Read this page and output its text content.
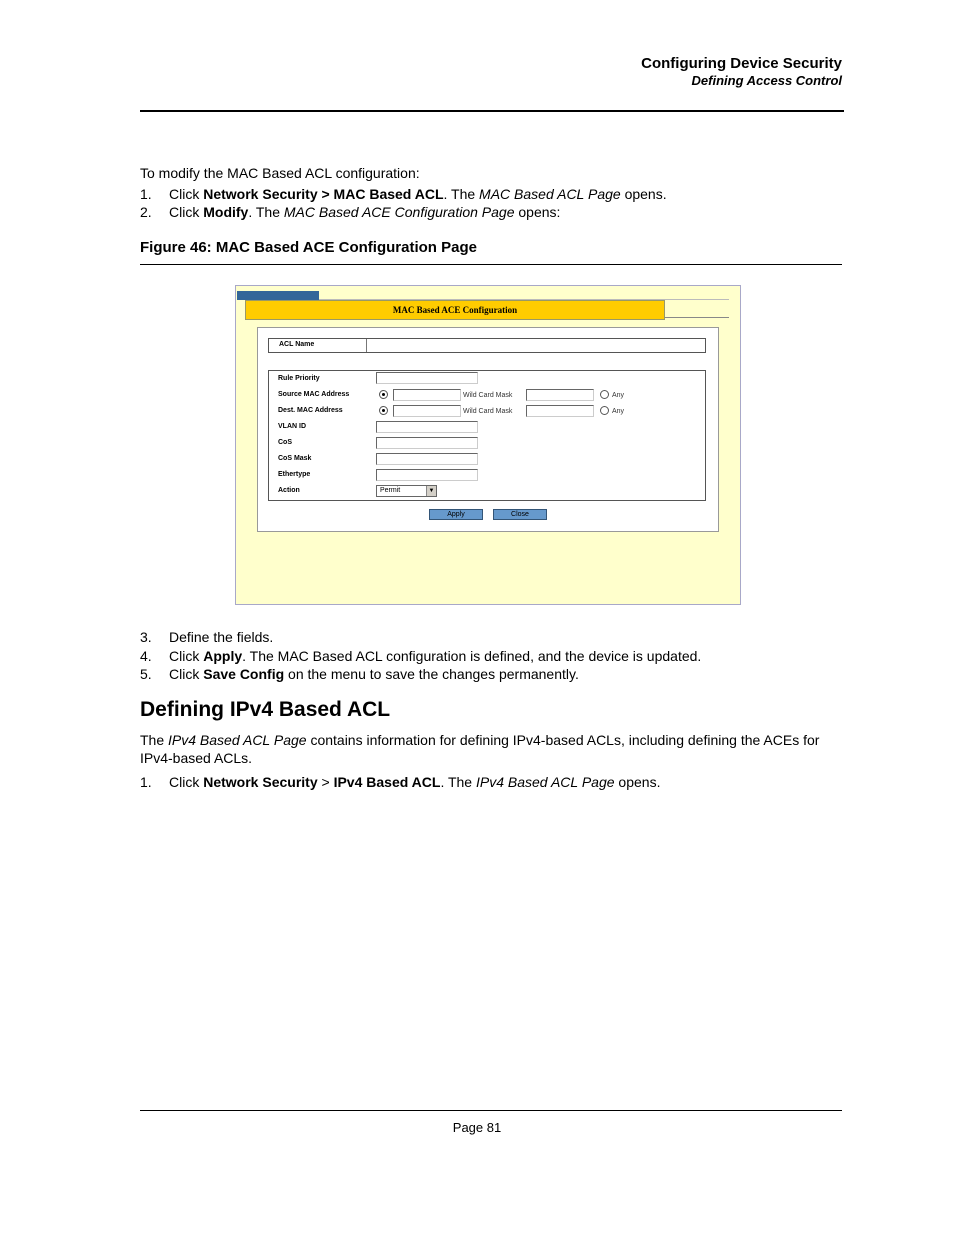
Configuring Device Security
Defining Access Control
To modify the MAC Based ACL configuration:
1. Click Network Security > MAC Based ACL. The MAC Based ACL Page opens.
2. Click Modify. The MAC Based ACE Configuration Page opens:
Figure 46: MAC Based ACE Configuration Page
MAC Based ACE Configuration
ACL Name
Rule Priority
Source MAC Address	Wild Card Mask	Any
Dest. MAC Address	Wild Card Mask	Any
VLAN ID
CoS
CoS Mask
Ethertype
Action	Permit	▼
Apply	Close
3. Define the fields.
4. Click Apply. The MAC Based ACL configuration is defined, and the device is updated.
5. Click Save Config on the menu to save the changes permanently.
Defining IPv4 Based ACL
The IPv4 Based ACL Page contains information for defining IPv4-based ACLs, including defining the ACEs for
IPv4-based ACLs.
1. Click Network Security > IPv4 Based ACL. The IPv4 Based ACL Page opens.
Page 81
